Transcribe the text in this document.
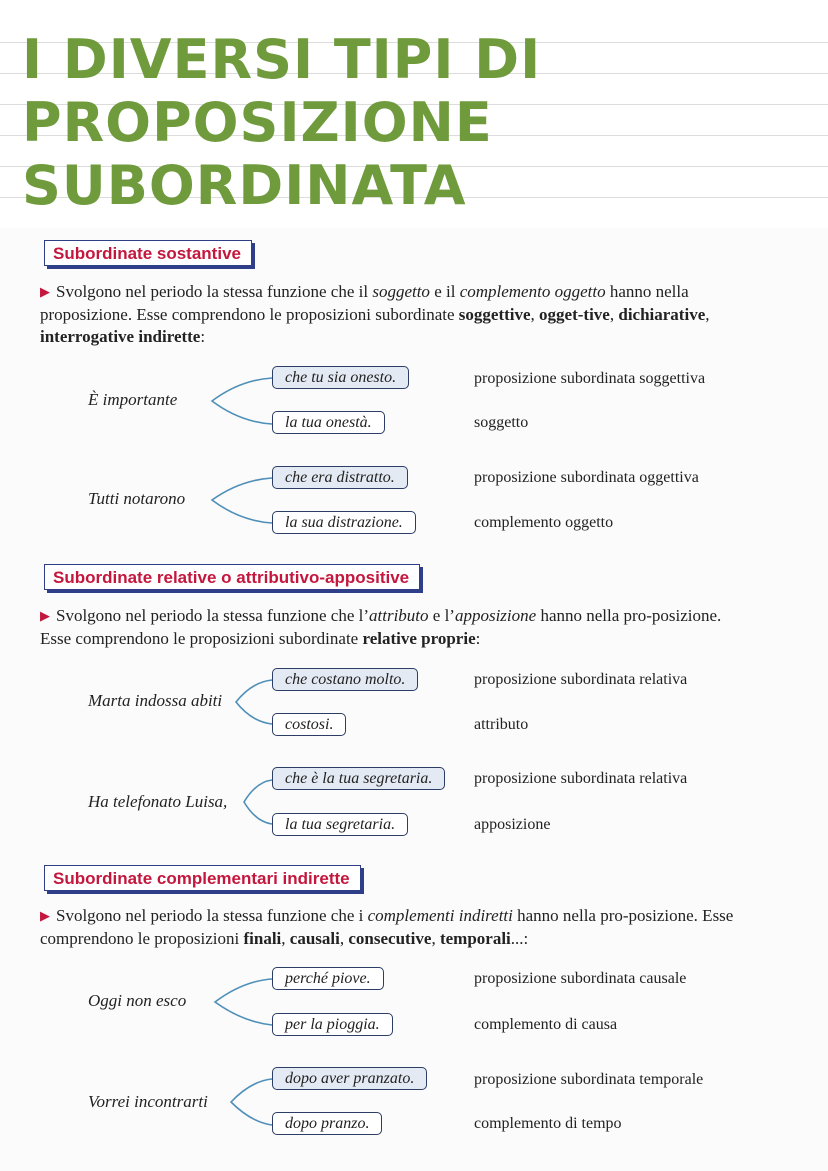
I DIVERSI TIPI DI
PROPOSIZIONE
SUBORDINATA
Subordinate sostantive

▶ Svolgono nel periodo la stessa funzione che il soggetto e il complemento oggetto hanno nella proposizione. Esse comprendono le proposizioni subordinate soggettive, ogget-tive, dichiarative, interrogative indirette:

È importante
che tu sia onesto.	proposizione subordinata soggettiva
la tua onestà.	soggetto
Tutti notarono
che era distratto.	proposizione subordinata oggettiva
la sua distrazione.	complemento oggetto
Subordinate relative o attributivo-appositive

▶ Svolgono nel periodo la stessa funzione che l’attributo e l’apposizione hanno nella pro-posizione. Esse comprendono le proposizioni subordinate relative proprie:

Marta indossa abiti
che costano molto.	proposizione subordinata relativa
costosi.	attributo
Ha telefonato Luisa,
che è la tua segretaria.	proposizione subordinata relativa
la tua segretaria.	apposizione
Subordinate complementari indirette

▶ Svolgono nel periodo la stessa funzione che i complementi indiretti hanno nella pro-posizione. Esse comprendono le proposizioni finali, causali, consecutive, temporali...:

Oggi non esco
perché piove.	proposizione subordinata causale
per la pioggia.	complemento di causa
Vorrei incontrarti
dopo aver pranzato.	proposizione subordinata temporale
dopo pranzo.	complemento di tempo
